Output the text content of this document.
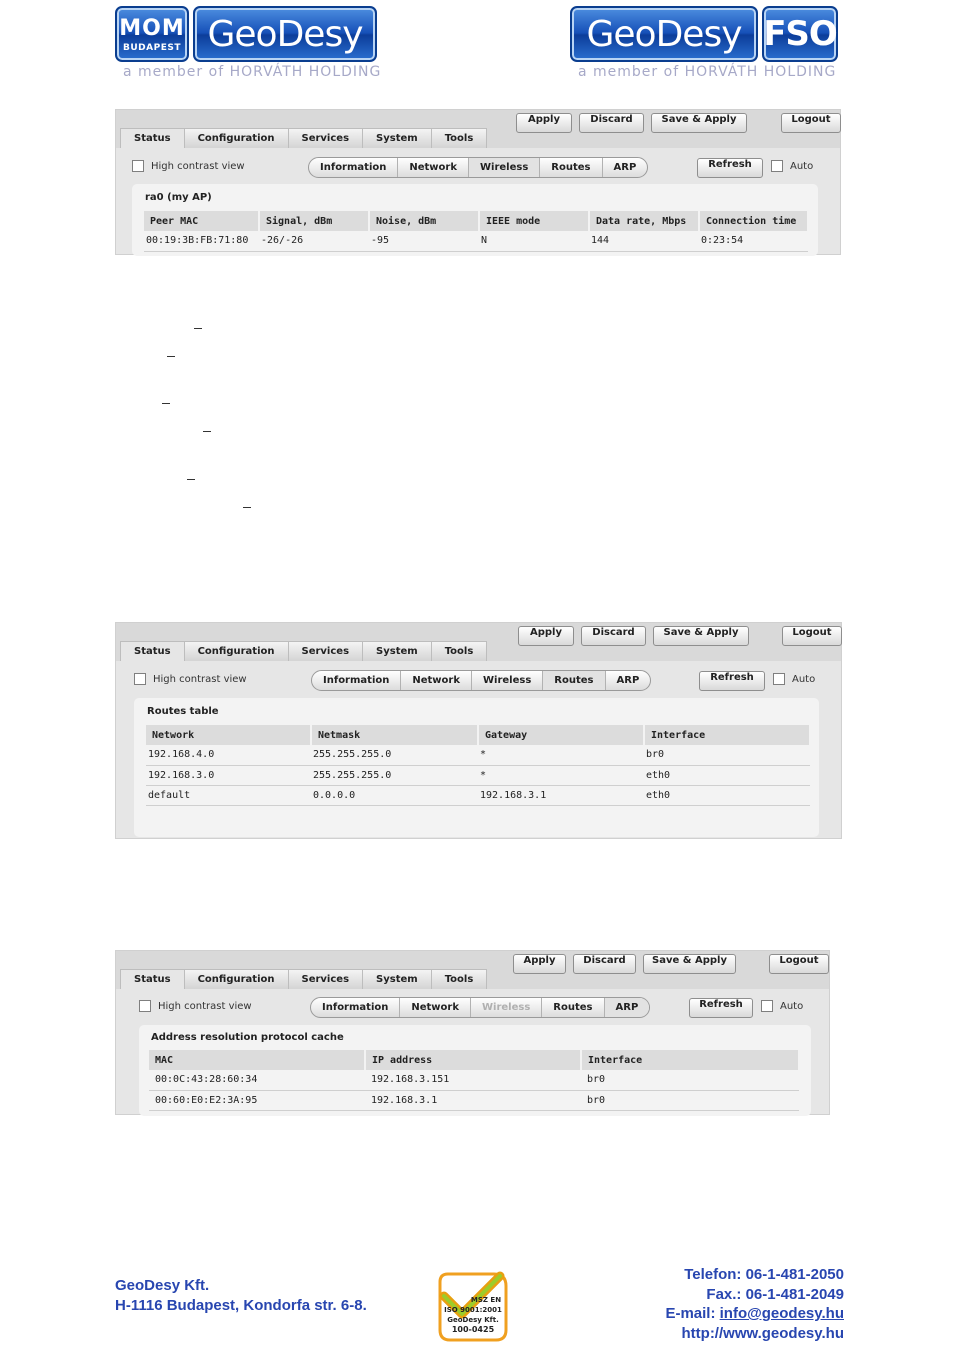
MOM
BUDAPEST GeoDesy
a member of HORVÁTH HOLDING
GeoDesy FSO
a member of HORVÁTH HOLDING
Status	Configuration	Services	System	Tools
Apply	Discard	Save & Apply	Logout
High contrast view	Information	Network	Wireless	Routes	ARP	Auto
Refresh
ra0 (my AP)
Peer MAC	Signal, dBm	Noise, dBm	IEEE mode	Data rate, Mbps	Connection time
00:19:3B:FB:71:80	-26/-26	-95	N	144	0:23:54
Status	Configuration	Services	System	Tools
Apply	Discard	Save & Apply	Logout
High contrast view	Information	Network	Wireless	Routes	ARP	Auto
Refresh
Routes table
Network	Netmask	Gateway	Interface
192.168.4.0	255.255.255.0	*	br0
192.168.3.0	255.255.255.0	*	eth0
default	0.0.0.0	192.168.3.1	eth0
Status	Configuration	Services	System	Tools
Apply	Discard	Save & Apply	Logout
High contrast view	Information	Network	Wireless	Routes	ARP	Auto
Refresh
Address resolution protocol cache
MAC	IP address	Interface
00:0C:43:28:60:34	192.168.3.151	br0
00:60:E0:E2:3A:95	192.168.3.1	br0
GeoDesy Kft.
H-1116 Budapest, Kondorfa str. 6-8.	MSZ EN
ISO 9001:2001
GeoDesy Kft.
100-0425
Telefon: 06-1-481-2050
Fax.: 06-1-481-2049
E-mail: info@geodesy.hu
http://www.geodesy.hu
